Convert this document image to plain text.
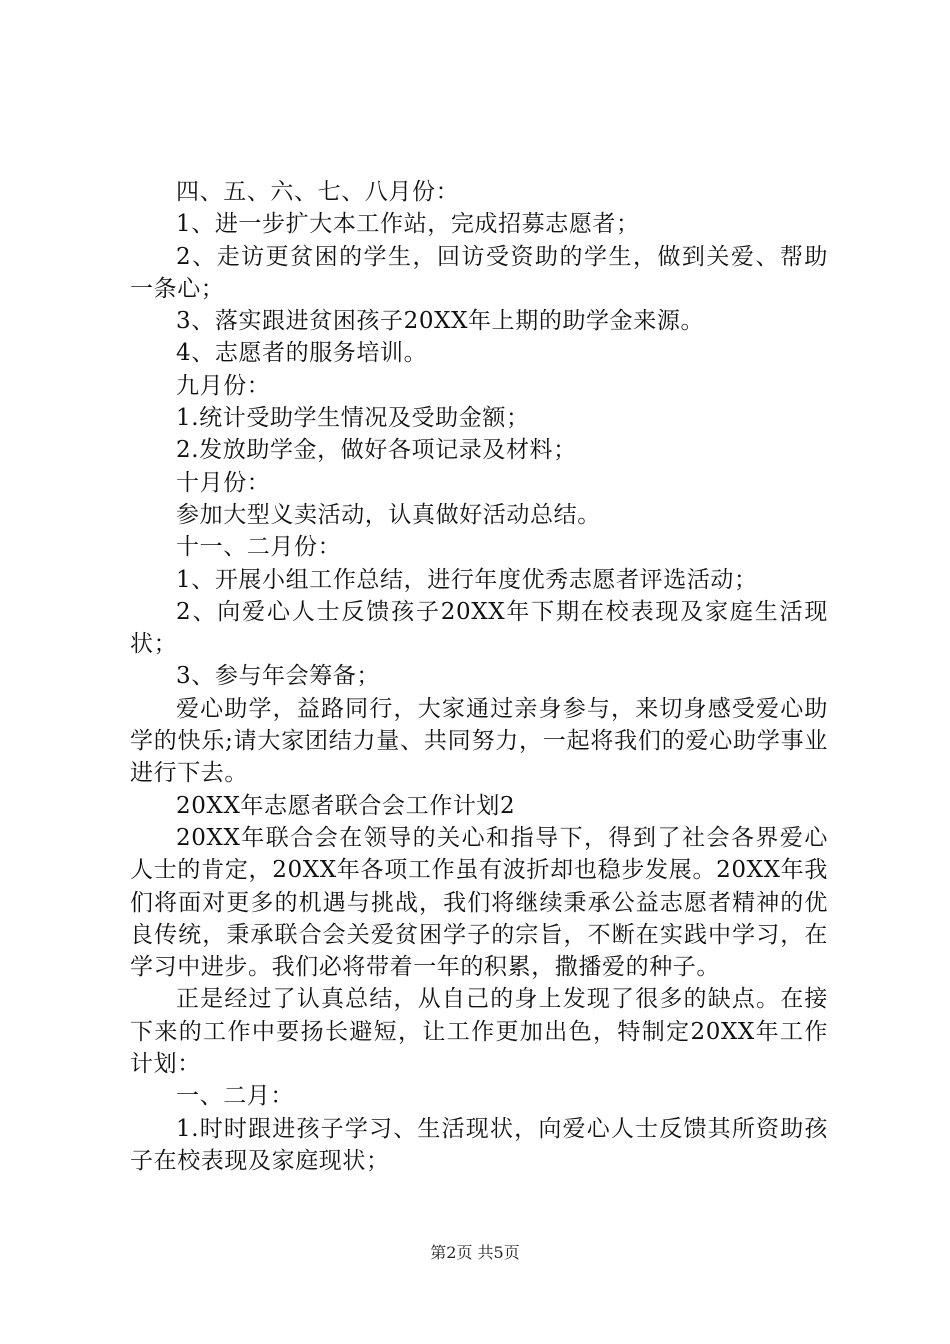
四、五、六、七、八月份：

1、进一步扩大本工作站，完成招募志愿者；

2、走访更贫困的学生，回访受资助的学生，做到关爱、帮助一条心；

3、落实跟进贫困孩子20XX年上期的助学金来源。

4、志愿者的服务培训。

九月份：

1.统计受助学生情况及受助金额；

2.发放助学金，做好各项记录及材料；

十月份：

参加大型义卖活动，认真做好活动总结。

十一、二月份：

1、开展小组工作总结，进行年度优秀志愿者评选活动；

2、向爱心人士反馈孩子20XX年下期在校表现及家庭生活现状；

3、参与年会筹备；

爱心助学，益路同行，大家通过亲身参与，来切身感受爱心助学的快乐;请大家团结力量、共同努力，一起将我们的爱心助学事业进行下去。

20XX年志愿者联合会工作计划2

20XX年联合会在领导的关心和指导下，得到了社会各界爱心人士的肯定，20XX年各项工作虽有波折却也稳步发展。20XX年我们将面对更多的机遇与挑战，我们将继续秉承公益志愿者精神的优良传统，秉承联合会关爱贫困学子的宗旨，不断在实践中学习，在学习中进步。我们必将带着一年的积累，撒播爱的种子。

正是经过了认真总结，从自己的身上发现了很多的缺点。在接下来的工作中要扬长避短，让工作更加出色，特制定20XX年工作计划：

一、二月：

1.时时跟进孩子学习、生活现状，向爱心人士反馈其所资助孩子在校表现及家庭现状；

第2页 共5页
